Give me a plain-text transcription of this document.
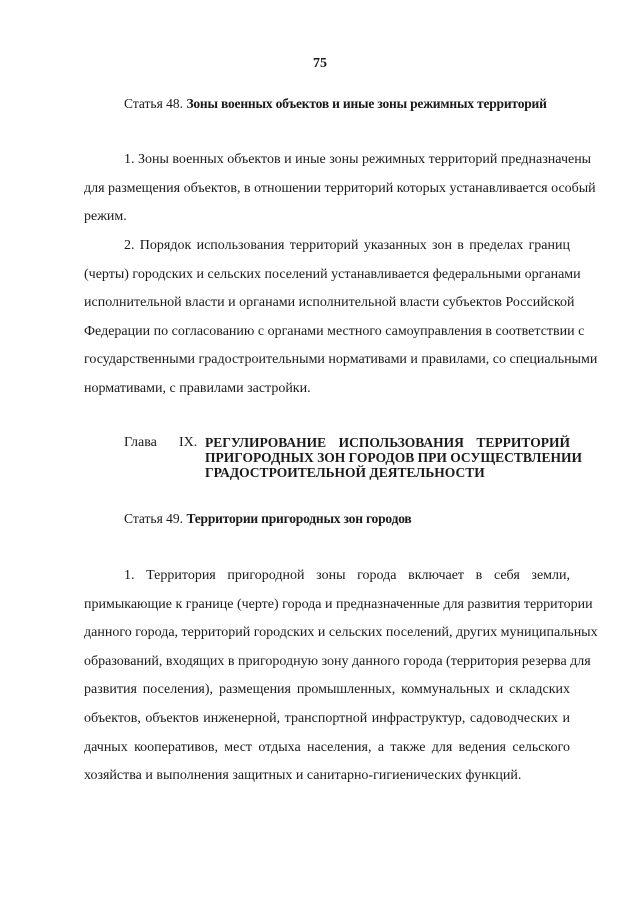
75
Статья 48. Зоны военных объектов и иные зоны режимных территорий
1. Зоны военных объектов и иные зоны режимных территорий предназначены
для размещения объектов, в отношении территорий которых устанавливается особый
режим.
2. Порядок использования территорий указанных зон в пределах границ
(черты) городских и сельских поселений устанавливается федеральными органами
исполнительной власти и органами исполнительной власти субъектов Российской
Федерации по согласованию с органами местного самоуправления в соответствии с
государственными градостроительными нормативами и правилами, со специальными
нормативами, с правилами застройки.
Глава IX. РЕГУЛИРОВАНИЕ ИСПОЛЬЗОВАНИЯ ТЕРРИТОРИЙ
ПРИГОРОДНЫХ ЗОН ГОРОДОВ ПРИ ОСУЩЕСТВЛЕНИИ
ГРАДОСТРОИТЕЛЬНОЙ ДЕЯТЕЛЬНОСТИ
Статья 49. Территории пригородных зон городов
1. Территория пригородной зоны города включает в себя земли,
примыкающие к границе (черте) города и предназначенные для развития территории
данного города, территорий городских и сельских поселений, других муниципальных
образований, входящих в пригородную зону данного города (территория резерва для
развития поселения), размещения промышленных, коммунальных и складских
объектов, объектов инженерной, транспортной инфраструктур, садоводческих и
дачных кооперативов, мест отдыха населения, а также для ведения сельского
хозяйства и выполнения защитных и санитарно-гигиенических функций.
